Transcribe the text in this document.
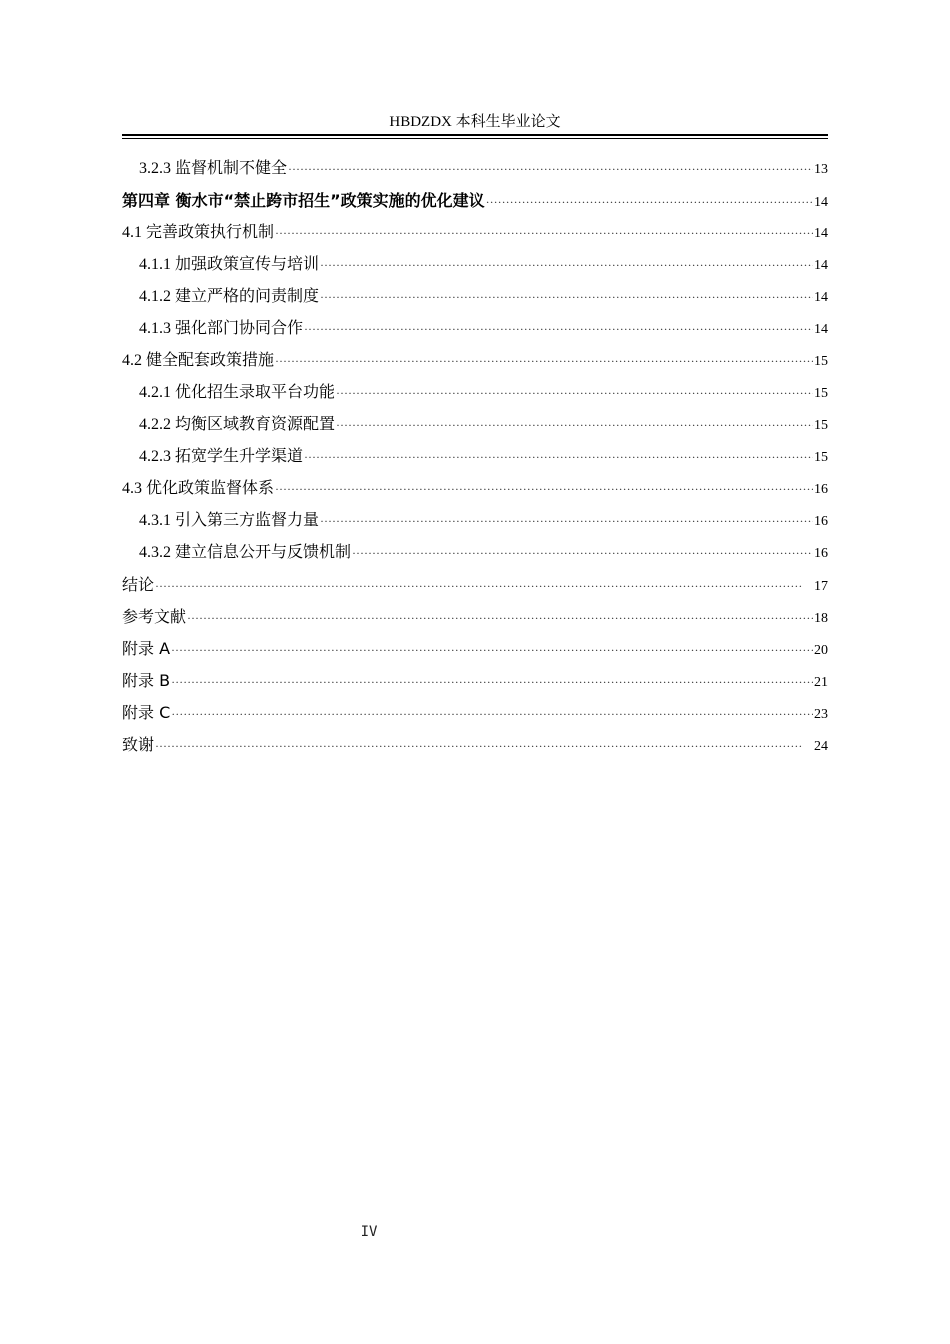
HBDZDX 本科生毕业论文
3.2.3 监督机制不健全 ·····	13
第四章 衡水市“禁止跨市招生”政策实施的优化建议 ·····	14
4.1 完善政策执行机制 ·····	14
4.1.1 加强政策宣传与培训 ·····	14
4.1.2 建立严格的问责制度 ·····	14
4.1.3 强化部门协同合作 ·····	14
4.2 健全配套政策措施 ·····	15
4.2.1 优化招生录取平台功能 ·····	15
4.2.2 均衡区域教育资源配置 ·····	15
4.2.3 拓宽学生升学渠道 ·····	15
4.3 优化政策监督体系 ·····	16
4.3.1 引入第三方监督力量 ·····	16
4.3.2 建立信息公开与反馈机制 ·····	16
结论 ·····	17
参考文献 ·····	18
附录 A ·····	20
附录 B ·····	21
附录 C ·····	23
致谢 ·····	24
IV
